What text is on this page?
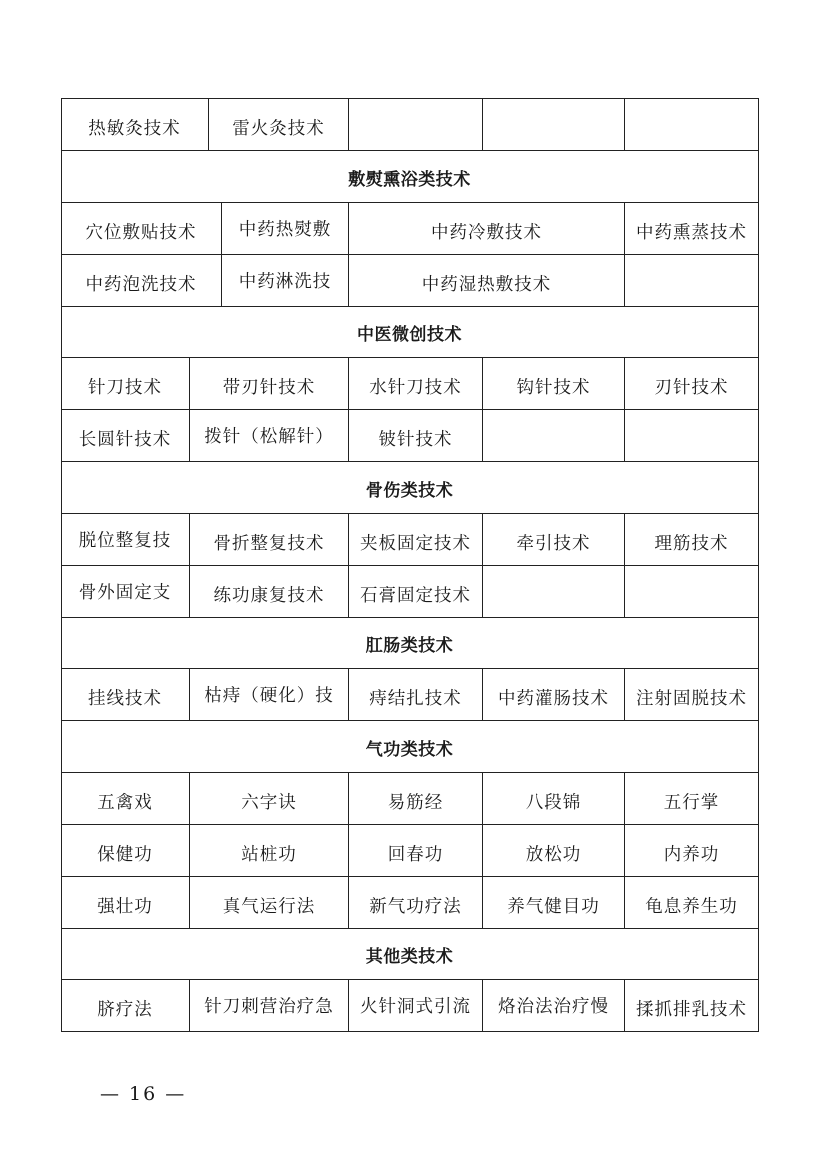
热敏灸技术	雷火灸技术
敷熨熏浴类技术
穴位敷贴技术	中药热熨敷	中药冷敷技术	中药熏蒸技术
中药泡洗技术	中药淋洗技	中药湿热敷技术
中医微创技术
针刀技术	带刃针技术	水针刀技术	钩针技术	刃针技术
长圆针技术	拨针（松解针）	铍针技术
骨伤类技术
脱位整复技	骨折整复技术	夹板固定技术	牵引技术	理筋技术
骨外固定支	练功康复技术	石膏固定技术
肛肠类技术
挂线技术	枯痔（硬化）技	痔结扎技术	中药灌肠技术	注射固脱技术
气功类技术
五禽戏	六字诀	易筋经	八段锦	五行掌
保健功	站桩功	回春功	放松功	内养功
强壮功	真气运行法	新气功疗法	养气健目功	龟息养生功
其他类技术
脐疗法	针刀刺营治疗急	火针洞式引流	烙治法治疗慢	揉抓排乳技术
— 16 —
